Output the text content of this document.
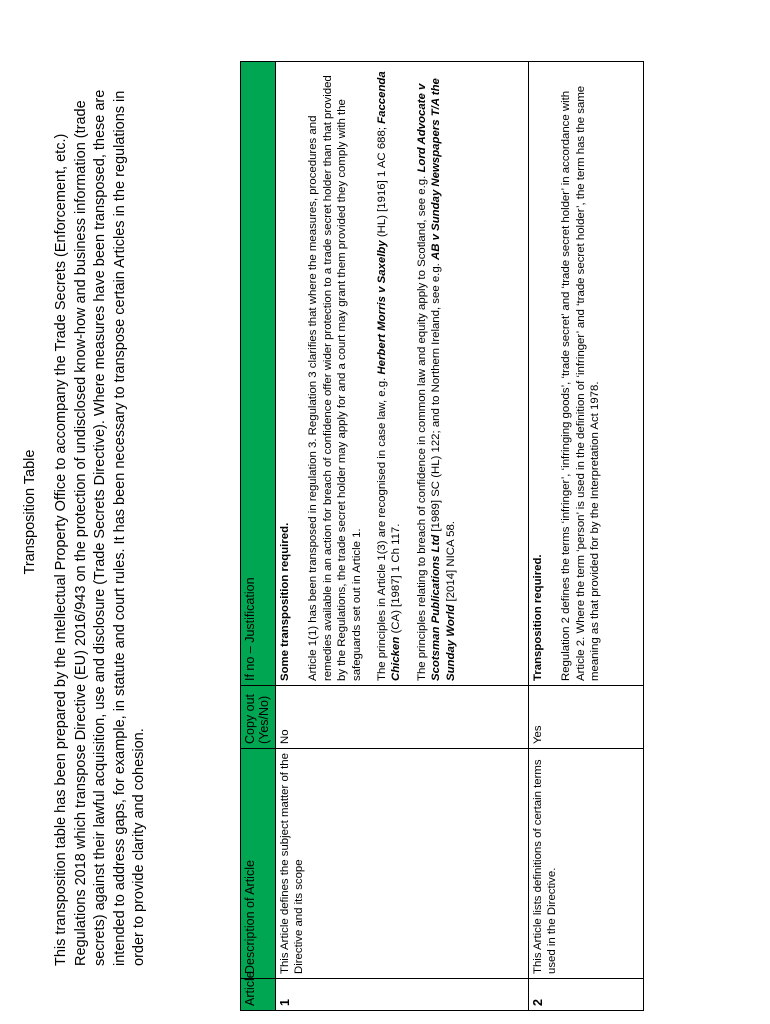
Transposition Table This transposition table has been prepared by the Intellectual Property Office to accompany the Trade Secrets (Enforcement, etc.) Regulations 2018 which transpose Directive (EU) 2016/943 on the protection of undisclosed know-how and business information (trade secrets) against their lawful acquisition, use and disclosure (Trade Secrets Directive). Where measures have been transposed, these are intended to address gaps, for example, in statute and court rules. It has been necessary to transpose certain Articles in the regulations in order to provide clarity and cohesion.
Article	Description of Article	Copy out (Yes/No)	If no – Justification
1	This Article defines the subject matter of the Directive and its scope	No	Some transposition required. Article 1(1) has been transposed in regulation 3. Regulation 3 clarifies that where the measures, procedures and remedies available in an action for breach of confidence offer wider protection to a trade secret holder than that provided by the Regulations, the trade secret holder may apply for and a court may grant them provided they comply with the safeguards set out in Article 1. The principles in Article 1(3) are recognised in case law, e.g. Herbert Morris v Saxelby (HL) [1916] 1 AC 688; Faccenda Chicken (CA) [1987] 1 Ch 117. The principles relating to breach of confidence in common law and equity apply to Scotland, see e.g. Lord Advocate v Scotsman Publications Ltd [1989] SC (HL) 122; and to Northern Ireland, see e.g. AB v Sunday Newspapers T/A the Sunday World [2014] NICA 58.

2	This Article lists definitions of certain terms used in the Directive.	Yes	Transposition required. Regulation 2 defines the terms ‘infringer’, ‘infringing goods’, ‘trade secret’ and ‘trade secret holder’ in accordance with Article 2. Where the term ‘person’ is used in the definition of ‘infringer’ and ‘trade secret holder’, the term has the same meaning as that provided for by the Interpretation Act 1978.
